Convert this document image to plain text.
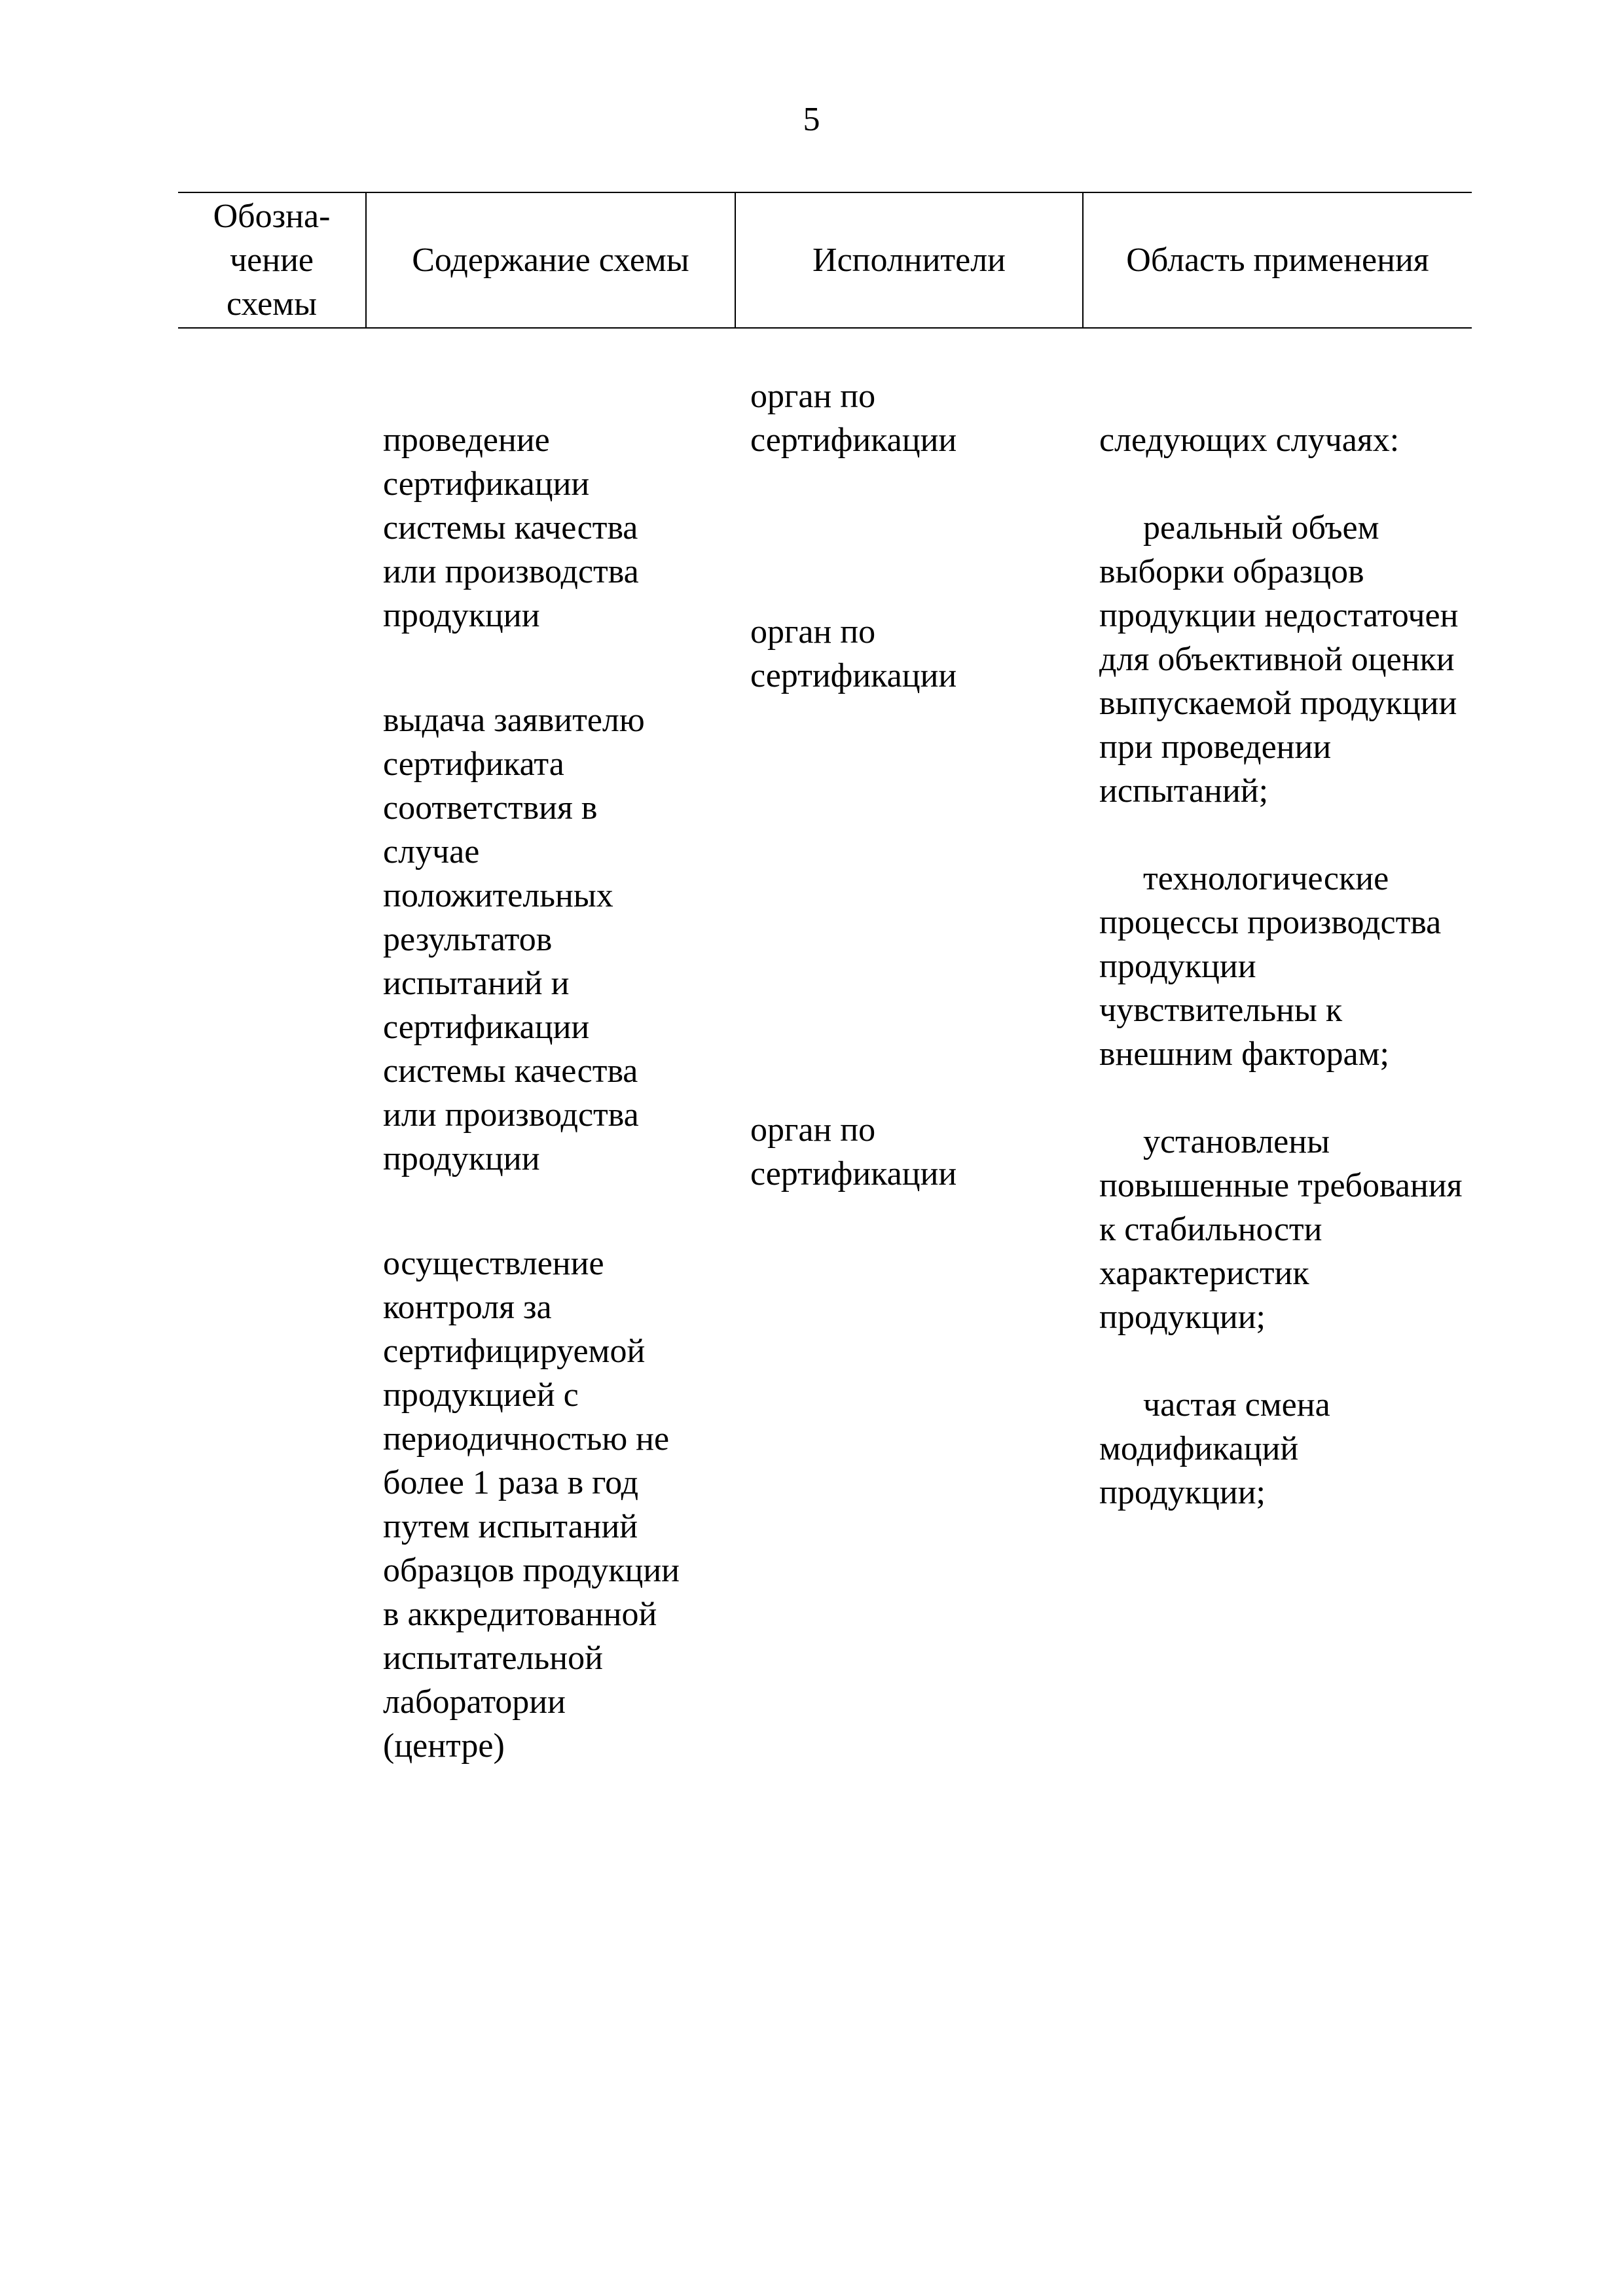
5
Обозна-
чение
схемы
Содержание схемы	Исполнители	Область применения

проведение
сертификации
системы качества
или производства
продукции

выдача заявителю
сертификата
соответствия в
случае
положительных
результатов
испытаний и
сертификации
системы качества
или производства
продукции

осуществление
контроля за
сертифицируемой
продукцией с
периодичностью не
более 1 раза в год
путем испытаний
образцов продукции
в аккредитованной
испытательной
лаборатории
(центре)

орган по
сертификации
орган по
сертификации
орган по
сертификации

следующих случаях:

реальный объем выборки образцов продукции недостаточен для объективной оценки выпускаемой продукции при проведении испытаний;

технологические процессы производства продукции чувствительны к внешним факторам;

установлены повышенные требования к стабильности характеристик продукции;

частая смена модификаций продукции;
